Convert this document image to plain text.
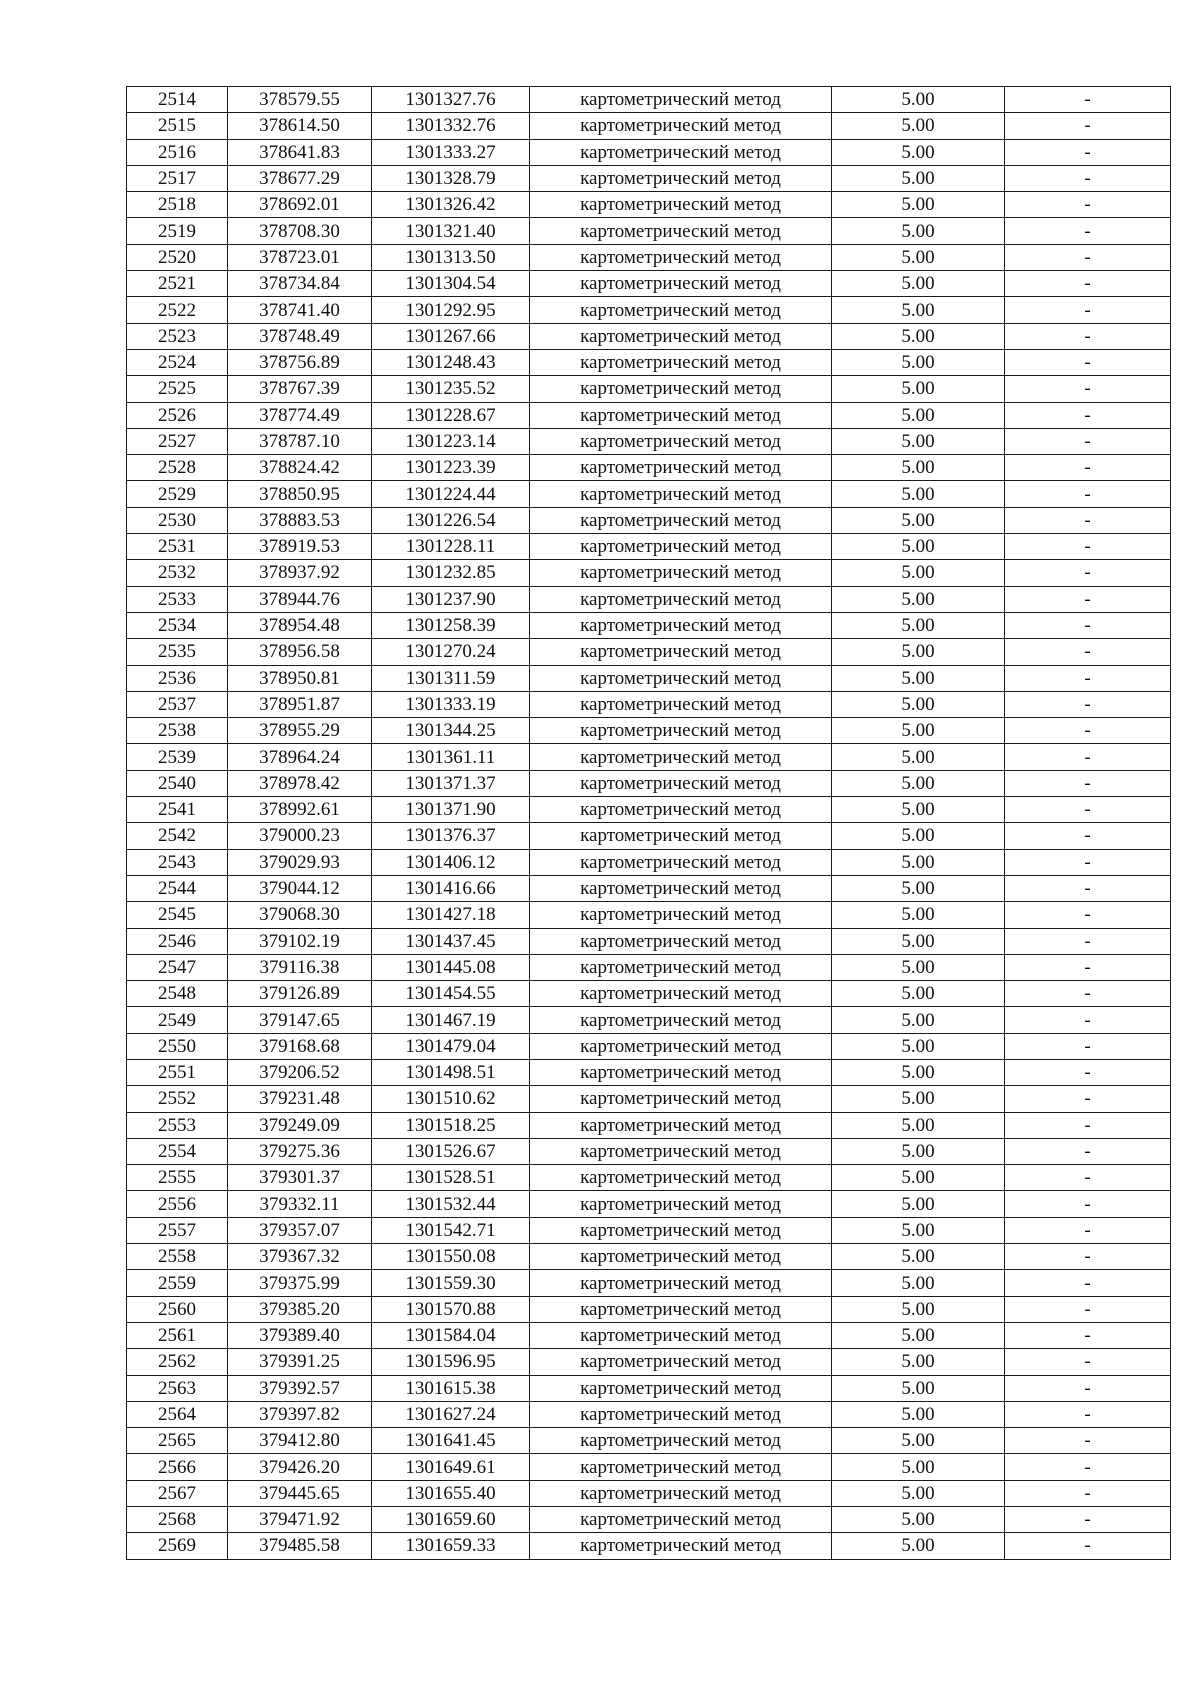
2514	378579.55	1301327.76	картометрический метод	5.00	-
2515	378614.50	1301332.76	картометрический метод	5.00	-
2516	378641.83	1301333.27	картометрический метод	5.00	-
2517	378677.29	1301328.79	картометрический метод	5.00	-
2518	378692.01	1301326.42	картометрический метод	5.00	-
2519	378708.30	1301321.40	картометрический метод	5.00	-
2520	378723.01	1301313.50	картометрический метод	5.00	-
2521	378734.84	1301304.54	картометрический метод	5.00	-
2522	378741.40	1301292.95	картометрический метод	5.00	-
2523	378748.49	1301267.66	картометрический метод	5.00	-
2524	378756.89	1301248.43	картометрический метод	5.00	-
2525	378767.39	1301235.52	картометрический метод	5.00	-
2526	378774.49	1301228.67	картометрический метод	5.00	-
2527	378787.10	1301223.14	картометрический метод	5.00	-
2528	378824.42	1301223.39	картометрический метод	5.00	-
2529	378850.95	1301224.44	картометрический метод	5.00	-
2530	378883.53	1301226.54	картометрический метод	5.00	-
2531	378919.53	1301228.11	картометрический метод	5.00	-
2532	378937.92	1301232.85	картометрический метод	5.00	-
2533	378944.76	1301237.90	картометрический метод	5.00	-
2534	378954.48	1301258.39	картометрический метод	5.00	-
2535	378956.58	1301270.24	картометрический метод	5.00	-
2536	378950.81	1301311.59	картометрический метод	5.00	-
2537	378951.87	1301333.19	картометрический метод	5.00	-
2538	378955.29	1301344.25	картометрический метод	5.00	-
2539	378964.24	1301361.11	картометрический метод	5.00	-
2540	378978.42	1301371.37	картометрический метод	5.00	-
2541	378992.61	1301371.90	картометрический метод	5.00	-
2542	379000.23	1301376.37	картометрический метод	5.00	-
2543	379029.93	1301406.12	картометрический метод	5.00	-
2544	379044.12	1301416.66	картометрический метод	5.00	-
2545	379068.30	1301427.18	картометрический метод	5.00	-
2546	379102.19	1301437.45	картометрический метод	5.00	-
2547	379116.38	1301445.08	картометрический метод	5.00	-
2548	379126.89	1301454.55	картометрический метод	5.00	-
2549	379147.65	1301467.19	картометрический метод	5.00	-
2550	379168.68	1301479.04	картометрический метод	5.00	-
2551	379206.52	1301498.51	картометрический метод	5.00	-
2552	379231.48	1301510.62	картометрический метод	5.00	-
2553	379249.09	1301518.25	картометрический метод	5.00	-
2554	379275.36	1301526.67	картометрический метод	5.00	-
2555	379301.37	1301528.51	картометрический метод	5.00	-
2556	379332.11	1301532.44	картометрический метод	5.00	-
2557	379357.07	1301542.71	картометрический метод	5.00	-
2558	379367.32	1301550.08	картометрический метод	5.00	-
2559	379375.99	1301559.30	картометрический метод	5.00	-
2560	379385.20	1301570.88	картометрический метод	5.00	-
2561	379389.40	1301584.04	картометрический метод	5.00	-
2562	379391.25	1301596.95	картометрический метод	5.00	-
2563	379392.57	1301615.38	картометрический метод	5.00	-
2564	379397.82	1301627.24	картометрический метод	5.00	-
2565	379412.80	1301641.45	картометрический метод	5.00	-
2566	379426.20	1301649.61	картометрический метод	5.00	-
2567	379445.65	1301655.40	картометрический метод	5.00	-
2568	379471.92	1301659.60	картометрический метод	5.00	-
2569	379485.58	1301659.33	картометрический метод	5.00	-
